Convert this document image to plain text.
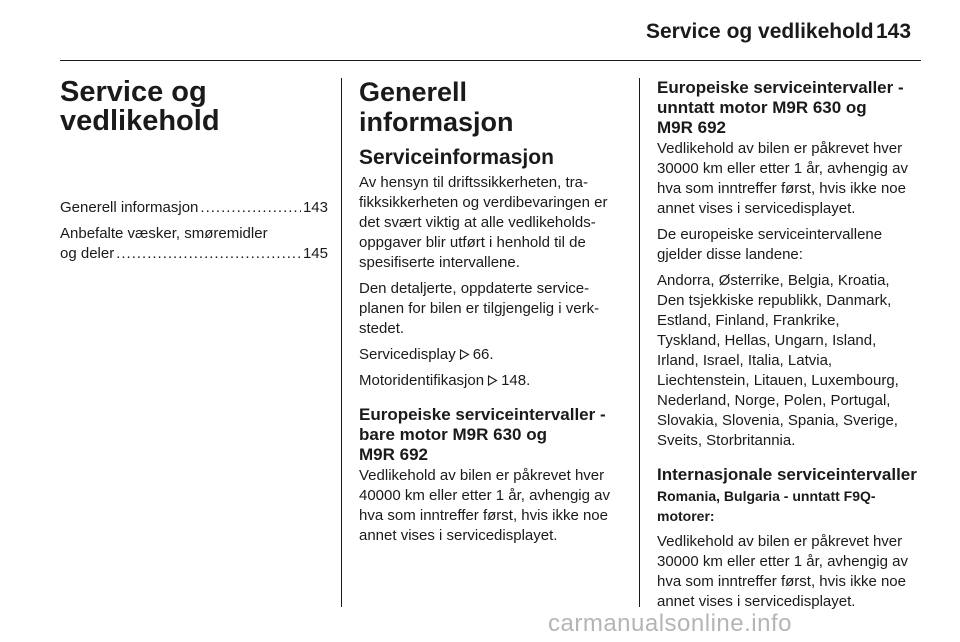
Service og vedlikehold 143
Service og
vedlikehold
Generell informasjon .....	143
Anbefalte væsker, smøremidler
og deler .....	145
Generell informasjon
Serviceinformasjon
Av hensyn til driftssikkerheten, tra-
fikksikkerheten og verdibevaringen er
det svært viktig at alle vedlikeholds-
oppgaver blir utført i henhold til de
spesifiserte intervallene.
Den detaljerte, oppdaterte service-
planen for bilen er tilgjengelig i verk-
stedet.
Servicedisplay 66.
Motoridentifikasjon 148.
Europeiske serviceintervaller -
bare motor M9R 630 og
M9R 692
Vedlikehold av bilen er påkrevet hver
40000 km eller etter 1 år, avhengig av
hva som inntreffer først, hvis ikke noe
annet vises i servicedisplayet.
Europeiske serviceintervaller -
unntatt motor M9R 630 og
M9R 692
Vedlikehold av bilen er påkrevet hver
30000 km eller etter 1 år, avhengig av
hva som inntreffer først, hvis ikke noe
annet vises i servicedisplayet.
De europeiske serviceintervallene
gjelder disse landene:
Andorra, Østerrike, Belgia, Kroatia,
Den tsjekkiske republikk, Danmark,
Estland, Finland, Frankrike,
Tyskland, Hellas, Ungarn, Island,
Irland, Israel, Italia, Latvia,
Liechtenstein, Litauen, Luxembourg,
Nederland, Norge, Polen, Portugal,
Slovakia, Slovenia, Spania, Sverige,
Sveits, Storbritannia.
Internasjonale serviceintervaller
Romania, Bulgaria - unntatt F9Q-
motorer:
Vedlikehold av bilen er påkrevet hver
30000 km eller etter 1 år, avhengig av
hva som inntreffer først, hvis ikke noe
annet vises i servicedisplayet.
carmanualsonline.info
